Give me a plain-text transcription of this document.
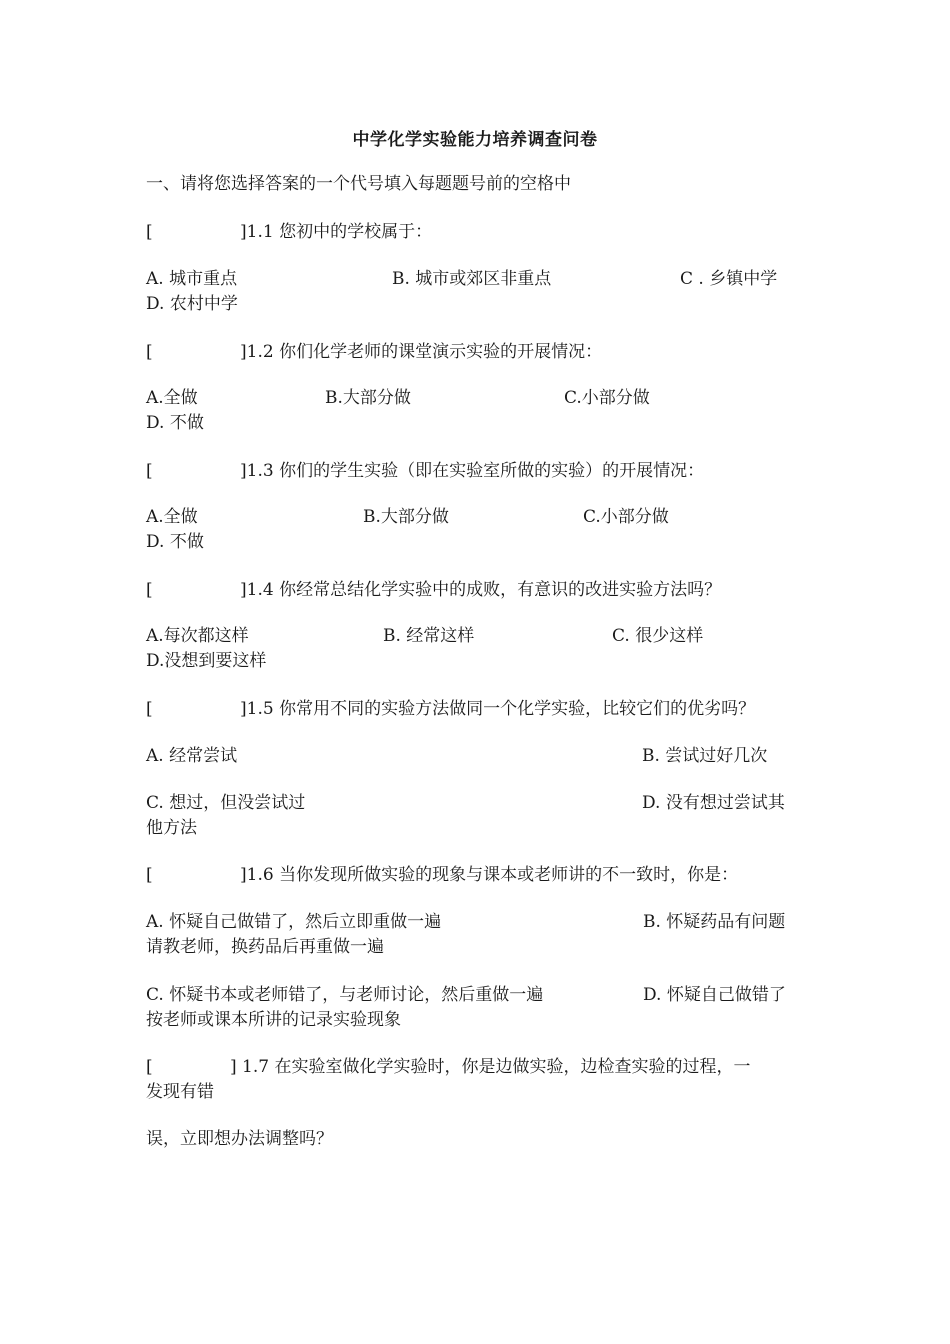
中学化学实验能力培养调查问卷
一、请将您选择答案的一个代号填入每题题号前的空格中
[	]1.1 您初中的学校属于：
A. 城市重点	B. 城市或郊区非重点	C . 乡镇中学
D. 农村中学
[	]1.2 你们化学老师的课堂演示实验的开展情况：
A.全做	B.大部分做	C.小部分做
D. 不做
[	]1.3 你们的学生实验（即在实验室所做的实验）的开展情况：
A.全做	B.大部分做	C.小部分做
D. 不做
[	]1.4 你经常总结化学实验中的成败，有意识的改进实验方法吗？
A.每次都这样	B. 经常这样	C. 很少这样
D.没想到要这样
[	]1.5 你常用不同的实验方法做同一个化学实验，比较它们的优劣吗？
A. 经常尝试	B. 尝试过好几次
C. 想过，但没尝试过	D. 没有想过尝试其
他方法
[	]1.6 当你发现所做实验的现象与课本或老师讲的不一致时，你是：
A. 怀疑自己做错了，然后立即重做一遍	B. 怀疑药品有问题
请教老师，换药品后再重做一遍
C. 怀疑书本或老师错了，与老师讨论，然后重做一遍	D. 怀疑自己做错了
按老师或课本所讲的记录实验现象
[	] 1.7 在实验室做化学实验时，你是边做实验，边检查实验的过程，一
发现有错
误，立即想办法调整吗？
